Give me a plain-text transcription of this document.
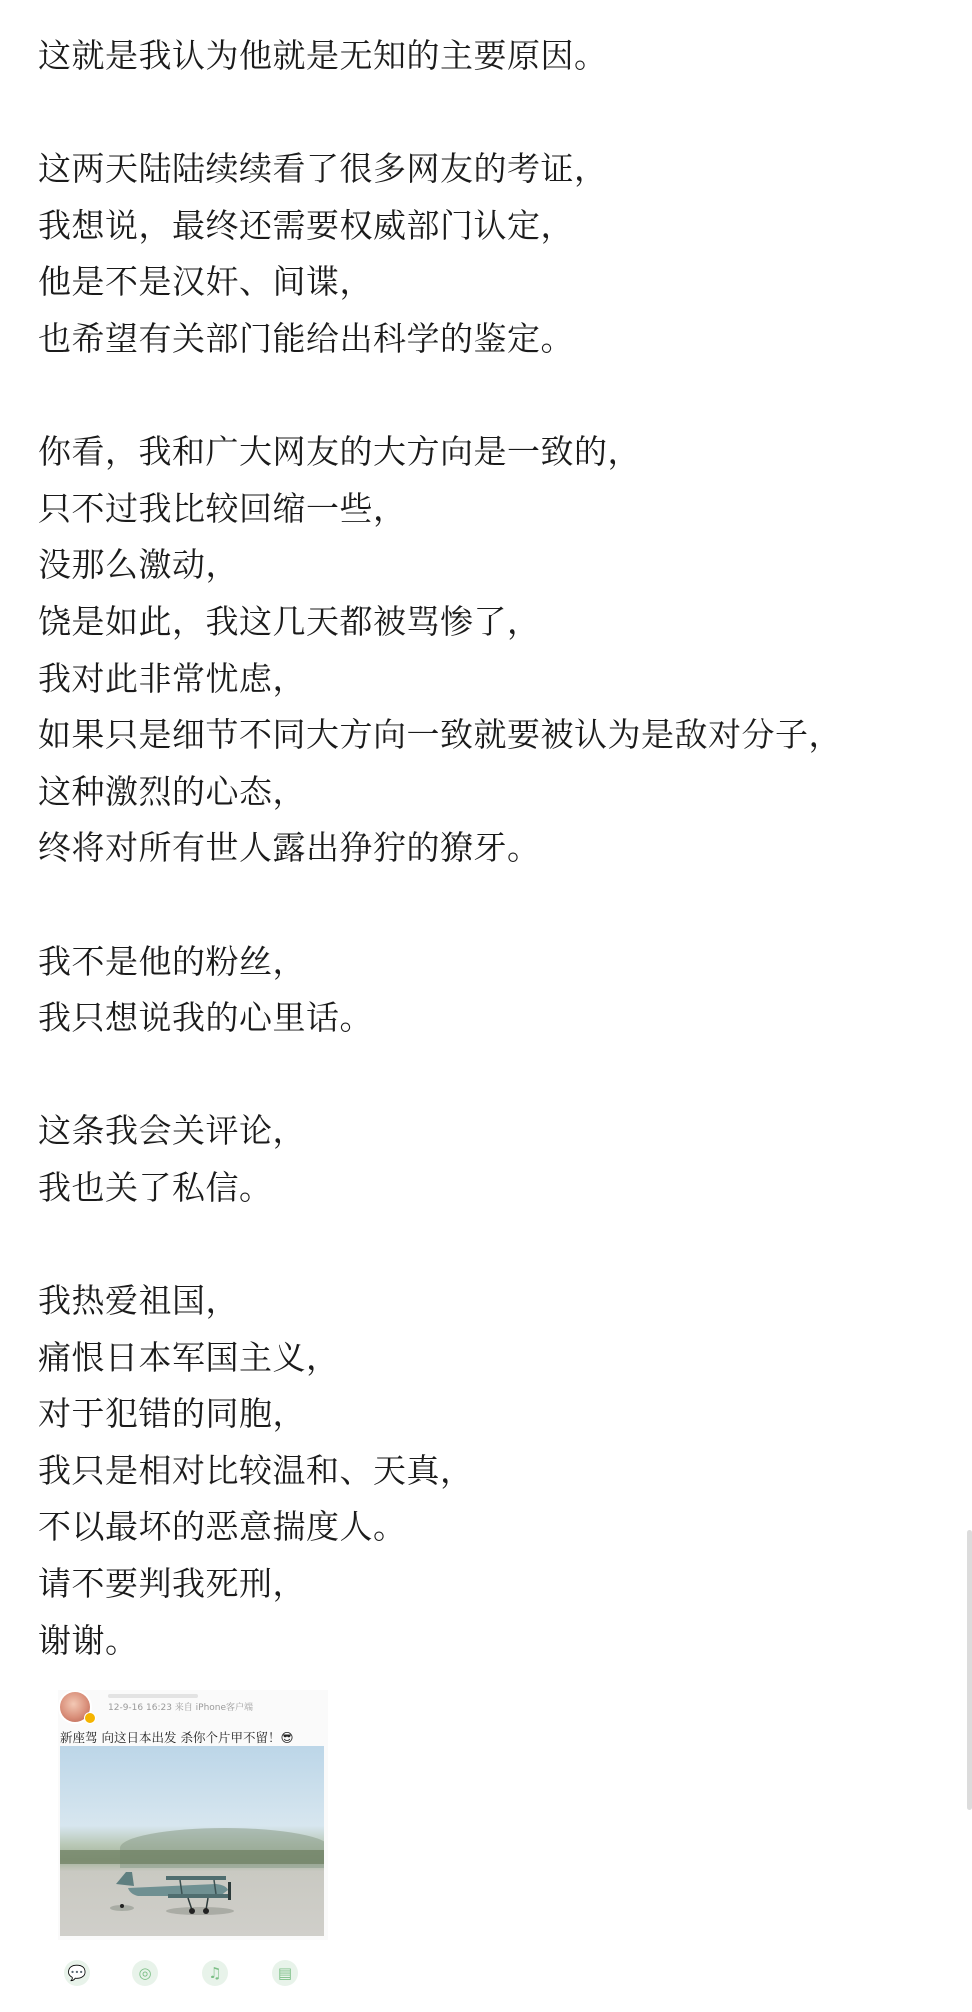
这就是我认为他就是无知的主要原因。
这两天陆陆续续看了很多网友的考证，
我想说，最终还需要权威部门认定，
他是不是汉奸、间谍，
也希望有关部门能给出科学的鉴定。
你看，我和广大网友的大方向是一致的，
只不过我比较回缩一些，
没那么激动，
饶是如此，我这几天都被骂惨了，
我对此非常忧虑，
如果只是细节不同大方向一致就要被认为是敌对分子，
这种激烈的心态，
终将对所有世人露出狰狞的獠牙。
我不是他的粉丝，
我只想说我的心里话。
这条我会关评论，
我也关了私信。
我热爱祖国，
痛恨日本军国主义，
对于犯错的同胞，
我只是相对比较温和、天真，
不以最坏的恶意揣度人。
请不要判我死刑，
谢谢。
12-9-16 16:23 来自 iPhone客户端
新座驾 向这日本出发 杀你个片甲不留！😎
💬	◎	♫	▤
